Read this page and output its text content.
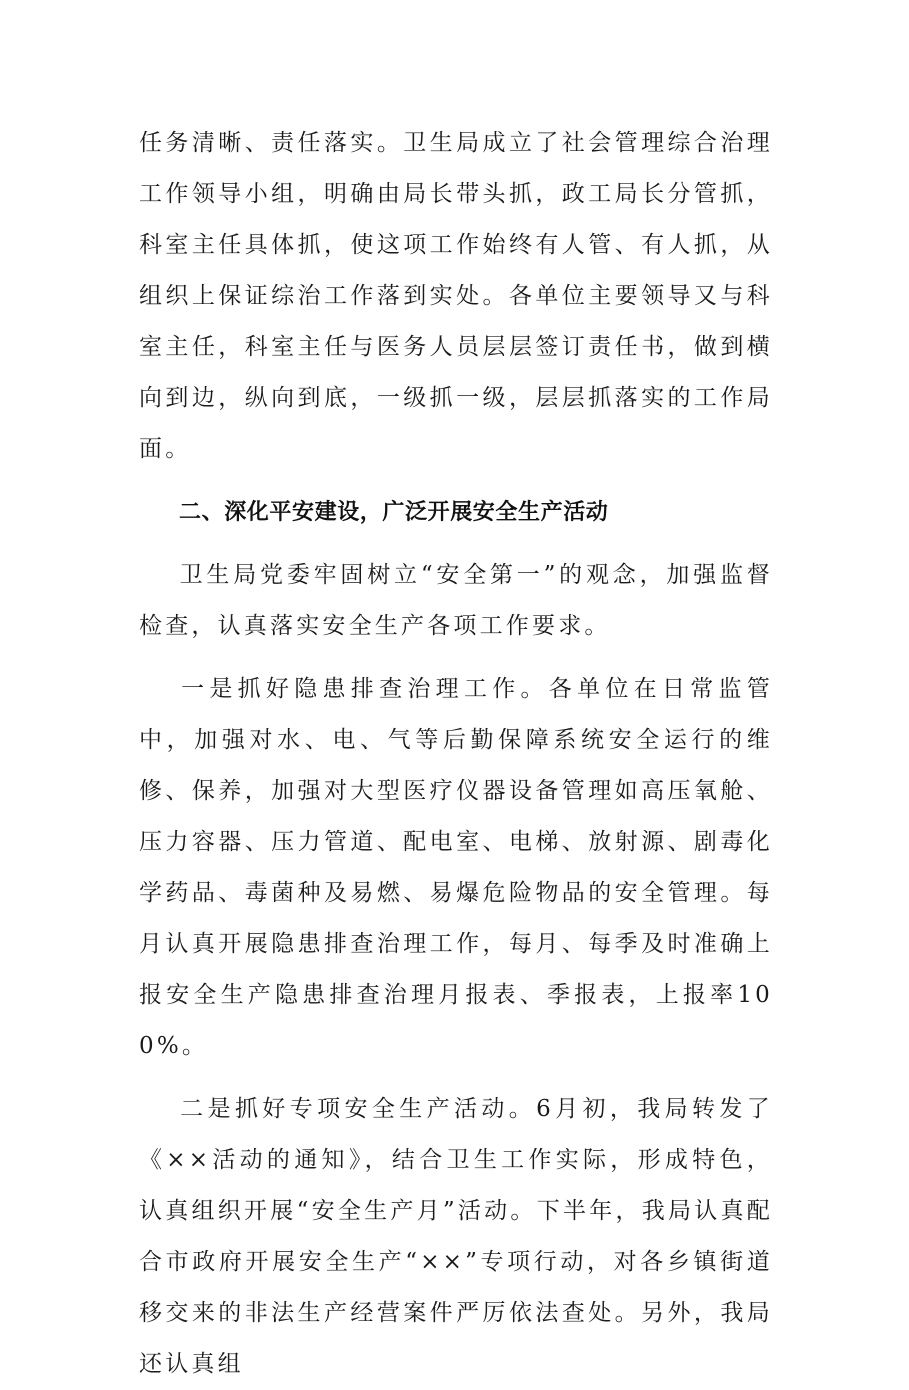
任务清晰、责任落实。卫生局成立了社会管理综合治理工作领导小组，明确由局长带头抓，政工局长分管抓，科室主任具体抓，使这项工作始终有人管、有人抓，从组织上保证综治工作落到实处。各单位主要领导又与科室主任，科室主任与医务人员层层签订责任书，做到横向到边，纵向到底，一级抓一级，层层抓落实的工作局面。

二、深化平安建设，广泛开展安全生产活动

卫生局党委牢固树立“安全第一”的观念，加强监督检查，认真落实安全生产各项工作要求。

一是抓好隐患排查治理工作。各单位在日常监管中，加强对水、电、气等后勤保障系统安全运行的维修、保养，加强对大型医疗仪器设备管理如高压氧舱、压力容器、压力管道、配电室、电梯、放射源、剧毒化学药品、毒菌种及易燃、易爆危险物品的安全管理。每月认真开展隐患排查治理工作，每月、每季及时准确上报安全生产隐患排查治理月报表、季报表，上报率100%。

二是抓好专项安全生产活动。6月初，我局转发了《××活动的通知》，结合卫生工作实际，形成特色，认真组织开展“安全生产月”活动。下半年，我局认真配合市政府开展安全生产“××”专项行动，对各乡镇街道移交来的非法生产经营案件严厉依法查处。另外，我局还认真组
